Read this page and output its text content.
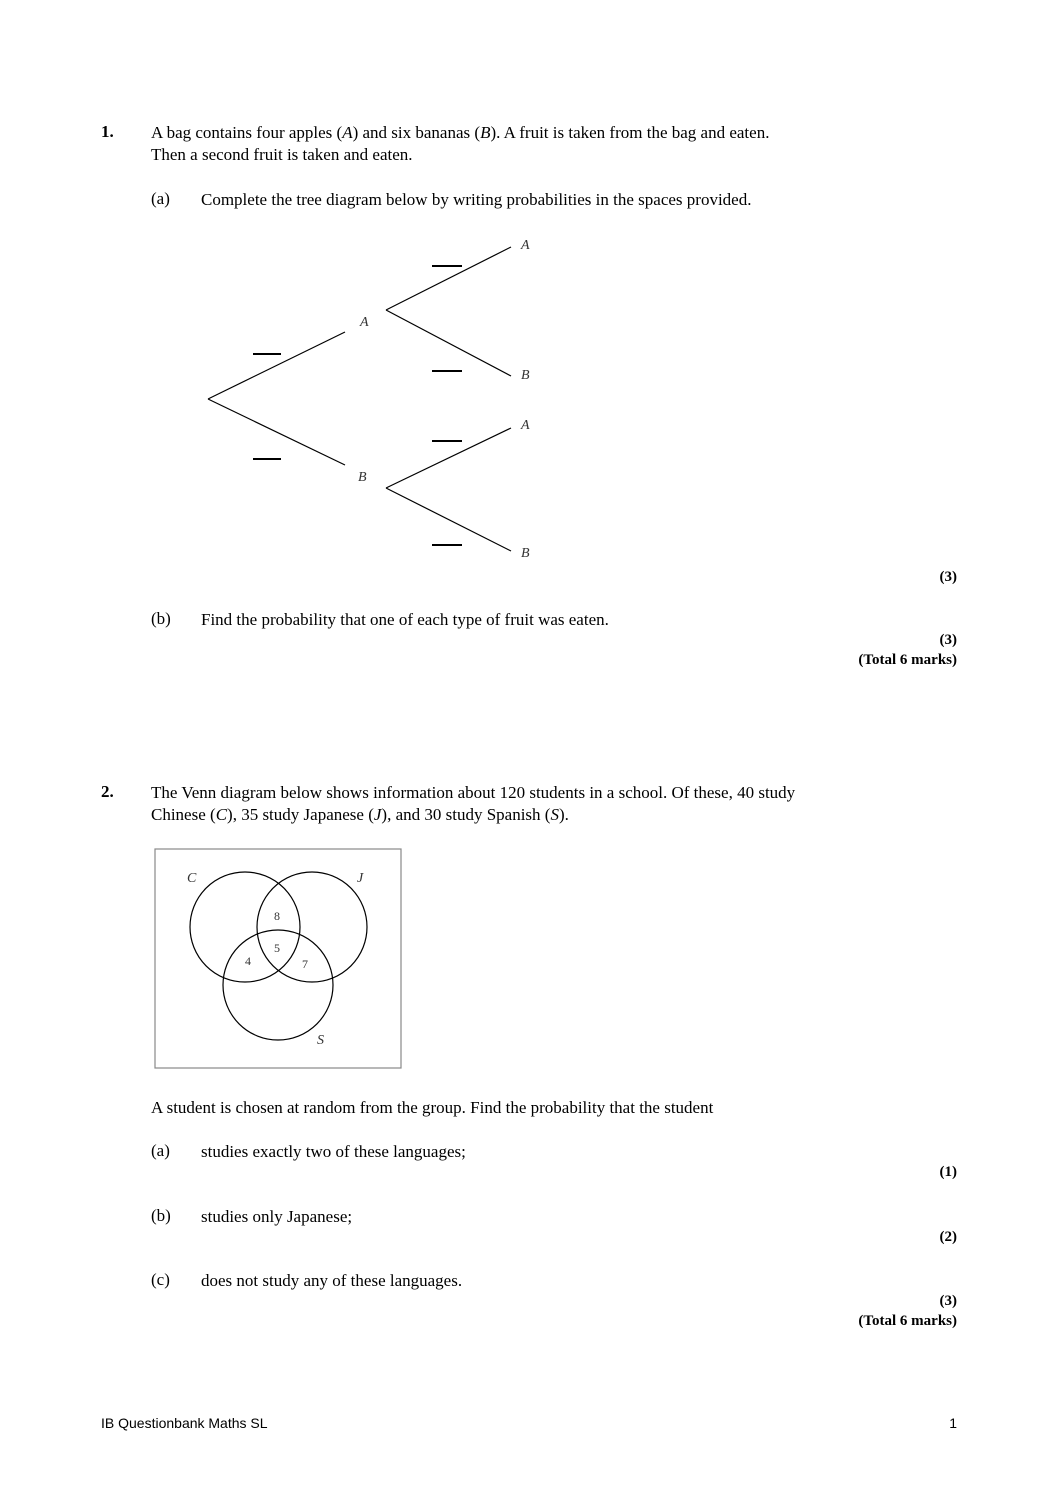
1. A bag contains four apples (A) and six bananas (B). A fruit is taken from the bag and eaten.
Then a second fruit is taken and eaten.
(a) Complete the tree diagram below by writing probabilities in the spaces provided.
A
B
A
B
A
B
(3)
(b) Find the probability that one of each type of fruit was eaten.
(3)
(Total 6 marks)
2. The Venn diagram below shows information about 120 students in a school. Of these, 40 study
Chinese (C), 35 study Japanese (J), and 30 study Spanish (S).
C	J
S
8
5
4	7
A student is chosen at random from the group. Find the probability that the student
(a) studies exactly two of these languages;
(1)
(b) studies only Japanese;
(2)
(c) does not study any of these languages.
(3)
(Total 6 marks)
IB Questionbank Maths SL	1
